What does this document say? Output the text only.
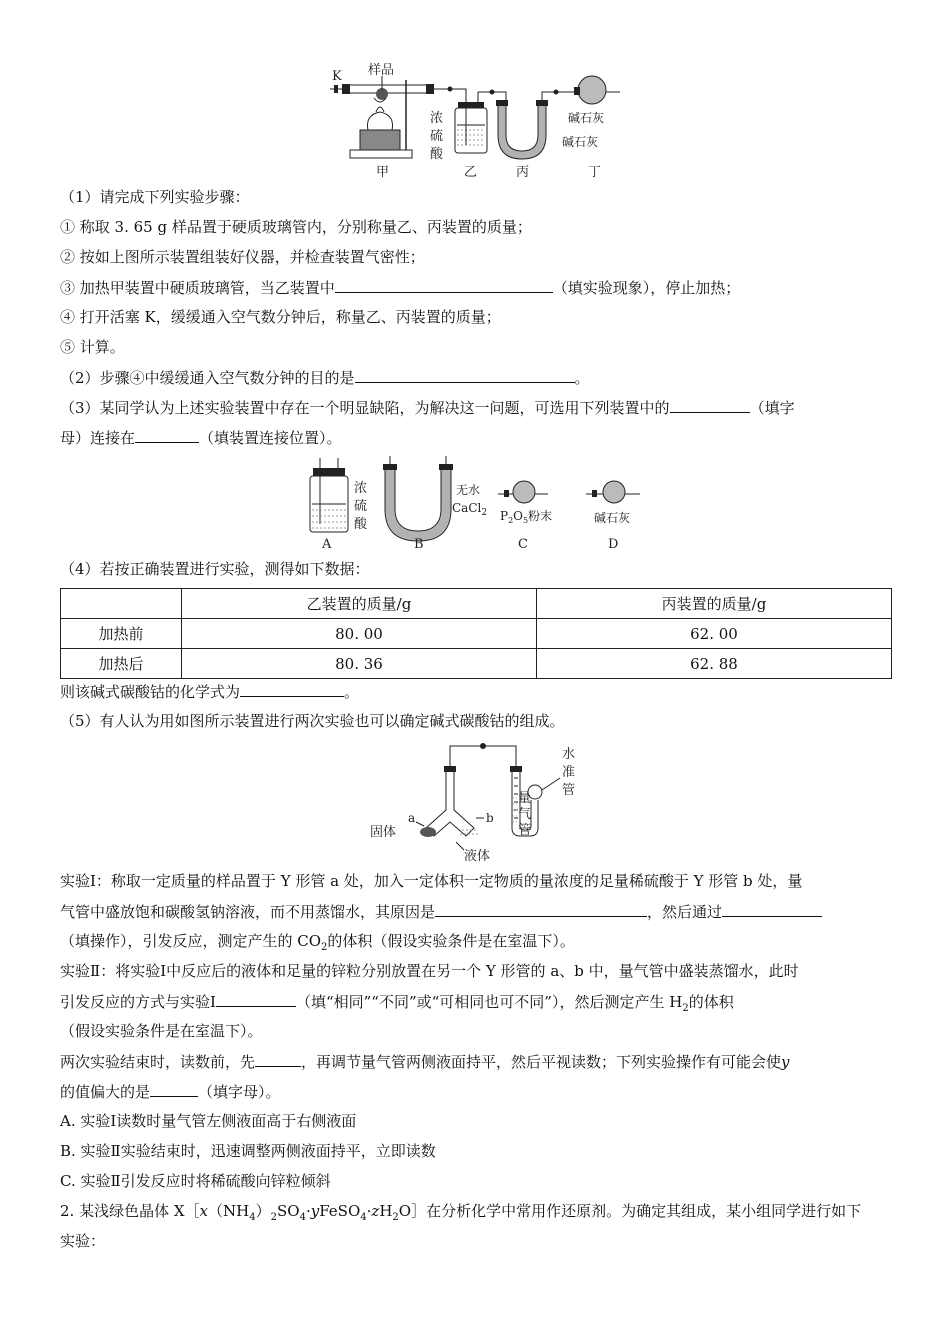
K 样品
浓
硫
酸
碱石灰
碱石灰
甲	乙	丙	丁
（1）请完成下列实验步骤：
① 称取 3. 65 g 样品置于硬质玻璃管内，分别称量乙、丙装置的质量；
② 按如上图所示装置组装好仪器，并检查装置气密性；
③ 加热甲装置中硬质玻璃管，当乙装置中	（填实验现象），停止加热；
④ 打开活塞 K，缓缓通入空气数分钟后，称量乙、丙装置的质量；
⑤ 计算。
（2）步骤④中缓缓通入空气数分钟的目的是	。
（3）某同学认为上述实验装置中存在一个明显缺陷，为解决这一问题，可选用下列装置中的	（填字
母）连接在	（填装置连接位置）。
浓
硫
酸
A
无水
CaCl$_2$
B
$P_2O_5$粉末
C
碱石灰
D
（4）若按正确装置进行实验，测得如下数据：
	乙装置的质量/g	丙装置的质量/g
加热前	80. 00	62. 00
加热后	80. 36	62. 88
则该碱式碳酸钴的化学式为	。
（5）有人认为用如图所示装置进行两次实验也可以确定碱式碳酸钴的组成。
a	b
固体
液体
水
准
管
量
气
管
实验Ⅰ：称取一定质量的样品置于 Y 形管 a 处，加入一定体积一定物质的量浓度的足量稀硫酸于 Y 形管 b 处，量
气管中盛放饱和碳酸氢钠溶液，而不用蒸馏水，其原因是	，然后通过
（填操作），引发反应，测定产生的 $CO_2$的体积（假设实验条件是在室温下）。
实验Ⅱ：将实验Ⅰ中反应后的液体和足量的锌粒分别放置在另一个 Y 形管的 a、b 中，量气管中盛装蒸馏水，此时
引发反应的方式与实验Ⅰ	（填“相同”“不同”或“可相同也可不同”），然后测定产生 $H_2$的体积
（假设实验条件是在室温下）。
两次实验结束时，读数前，先	，再调节量气管两侧液面持平，然后平视读数；下列实验操作有可能会使y
的值偏大的是	（填字母）。
A. 实验Ⅰ读数时量气管左侧液面高于右侧液面
B. 实验Ⅱ实验结束时，迅速调整两侧液面持平，立即读数
C. 实验Ⅱ引发反应时将稀硫酸向锌粒倾斜
2. 某浅绿色晶体 $X[x(NH_4)_2SO_4\cdot yFeSO_4\cdot zH_2O]$在分析化学中常用作还原剂。为确定其组成，某小组同学进行如下
实验：
